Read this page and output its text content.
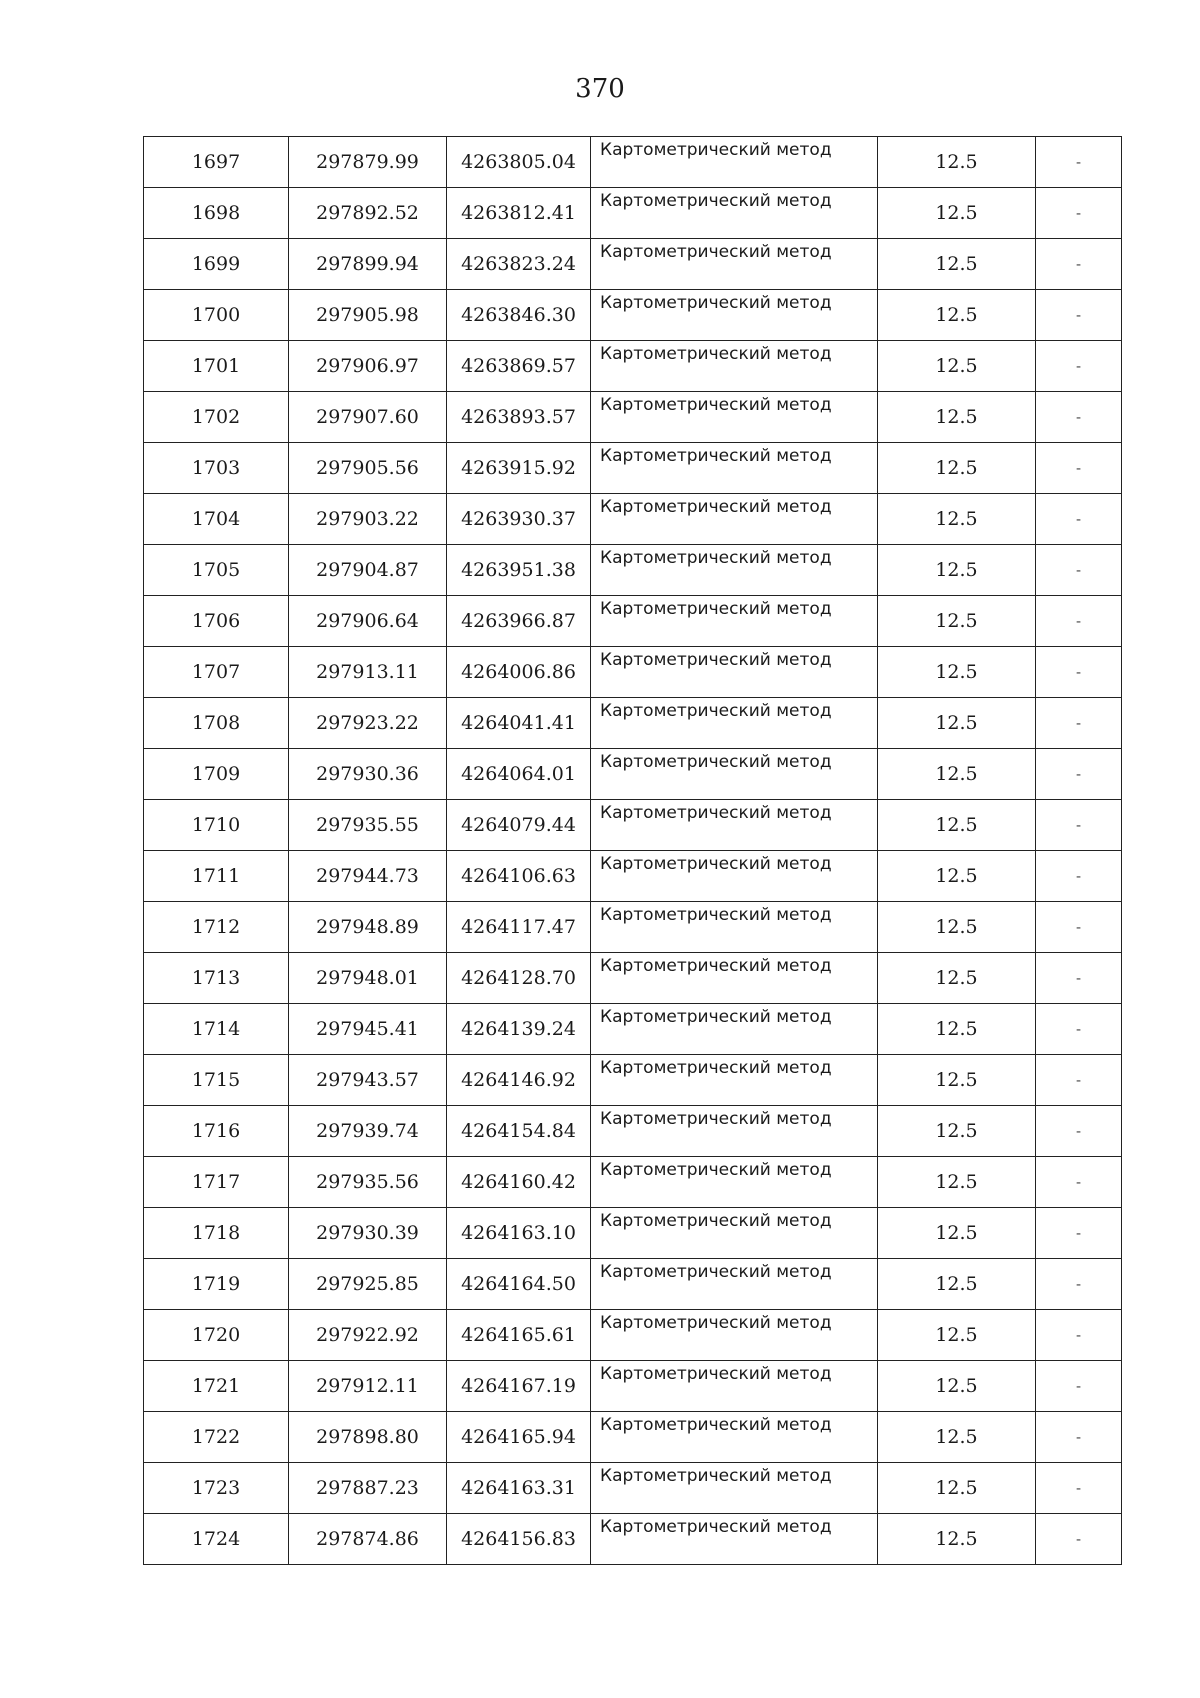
370
1697	297879.99	4263805.04	Картометрический метод	12.5	-
1698	297892.52	4263812.41	Картометрический метод	12.5	-
1699	297899.94	4263823.24	Картометрический метод	12.5	-
1700	297905.98	4263846.30	Картометрический метод	12.5	-
1701	297906.97	4263869.57	Картометрический метод	12.5	-
1702	297907.60	4263893.57	Картометрический метод	12.5	-
1703	297905.56	4263915.92	Картометрический метод	12.5	-
1704	297903.22	4263930.37	Картометрический метод	12.5	-
1705	297904.87	4263951.38	Картометрический метод	12.5	-
1706	297906.64	4263966.87	Картометрический метод	12.5	-
1707	297913.11	4264006.86	Картометрический метод	12.5	-
1708	297923.22	4264041.41	Картометрический метод	12.5	-
1709	297930.36	4264064.01	Картометрический метод	12.5	-
1710	297935.55	4264079.44	Картометрический метод	12.5	-
1711	297944.73	4264106.63	Картометрический метод	12.5	-
1712	297948.89	4264117.47	Картометрический метод	12.5	-
1713	297948.01	4264128.70	Картометрический метод	12.5	-
1714	297945.41	4264139.24	Картометрический метод	12.5	-
1715	297943.57	4264146.92	Картометрический метод	12.5	-
1716	297939.74	4264154.84	Картометрический метод	12.5	-
1717	297935.56	4264160.42	Картометрический метод	12.5	-
1718	297930.39	4264163.10	Картометрический метод	12.5	-
1719	297925.85	4264164.50	Картометрический метод	12.5	-
1720	297922.92	4264165.61	Картометрический метод	12.5	-
1721	297912.11	4264167.19	Картометрический метод	12.5	-
1722	297898.80	4264165.94	Картометрический метод	12.5	-
1723	297887.23	4264163.31	Картометрический метод	12.5	-
1724	297874.86	4264156.83	Картометрический метод	12.5	-
